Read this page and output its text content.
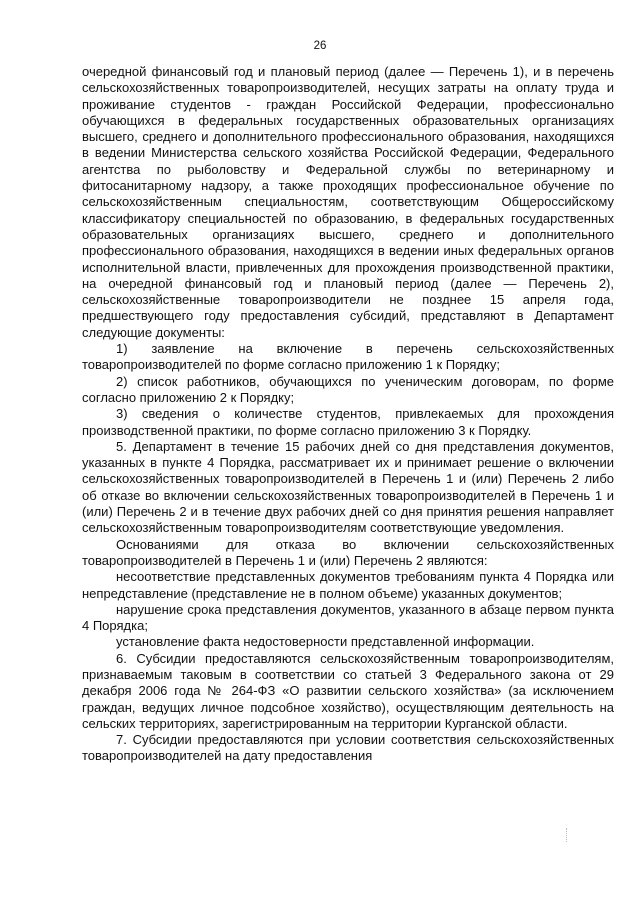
26

очередной финансовый год и плановый период (далее — Перечень 1), и в перечень сельскохозяйственных товаропроизводителей, несущих затраты на оплату труда и проживание студентов - граждан Российской Федерации, профессионально обучающихся в федеральных государственных образовательных организациях высшего, среднего и дополнительного профессионального образования, находящихся в ведении Министерства сельского хозяйства Российской Федерации, Федерального агентства по рыболовству и Федеральной службы по ветеринарному и фитосанитарному надзору, а также проходящих профессиональное обучение по сельскохозяйственным специальностям, соответствующим Общероссийскому классификатору специальностей по образованию, в федеральных государственных образовательных организациях высшего, среднего и дополнительного профессионального образования, находящихся в ведении иных федеральных органов исполнительной власти, привлеченных для прохождения производственной практики, на очередной финансовый год и плановый период (далее — Перечень 2), сельскохозяйственные товаропроизводители не позднее 15 апреля года, предшествующего году предоставления субсидий, представляют в Департамент следующие документы:

1) заявление на включение в перечень сельскохозяйственных товаропроизводителей по форме согласно приложению 1 к Порядку;

2) список работников, обучающихся по ученическим договорам, по форме согласно приложению 2 к Порядку;

3) сведения о количестве студентов, привлекаемых для прохождения производственной практики, по форме согласно приложению 3 к Порядку.

5. Департамент в течение 15 рабочих дней со дня представления документов, указанных в пункте 4 Порядка, рассматривает их и принимает решение о включении сельскохозяйственных товаропроизводителей в Перечень 1 и (или) Перечень 2 либо об отказе во включении сельскохозяйственных товаропроизводителей в Перечень 1 и (или) Перечень 2 и в течение двух рабочих дней со дня принятия решения направляет сельскохозяйственным товаропроизводителям соответствующие уведомления.

Основаниями для отказа во включении сельскохозяйственных товаропроизводителей в Перечень 1 и (или) Перечень 2 являются:

несоответствие представленных документов требованиям пункта 4 Порядка или непредставление (представление не в полном объеме) указанных документов;

нарушение срока представления документов, указанного в абзаце первом пункта 4 Порядка;

установление факта недостоверности представленной информации.

6. Субсидии предоставляются сельскохозяйственным товаропроизводителям, признаваемым таковым в соответствии со статьей 3 Федерального закона от 29 декабря 2006 года № 264-ФЗ «О развитии сельского хозяйства» (за исключением граждан, ведущих личное подсобное хозяйство), осуществляющим деятельность на сельских территориях, зарегистрированным на территории Курганской области.

7. Субсидии предоставляются при условии соответствия сельскохозяйственных товаропроизводителей на дату предоставления
